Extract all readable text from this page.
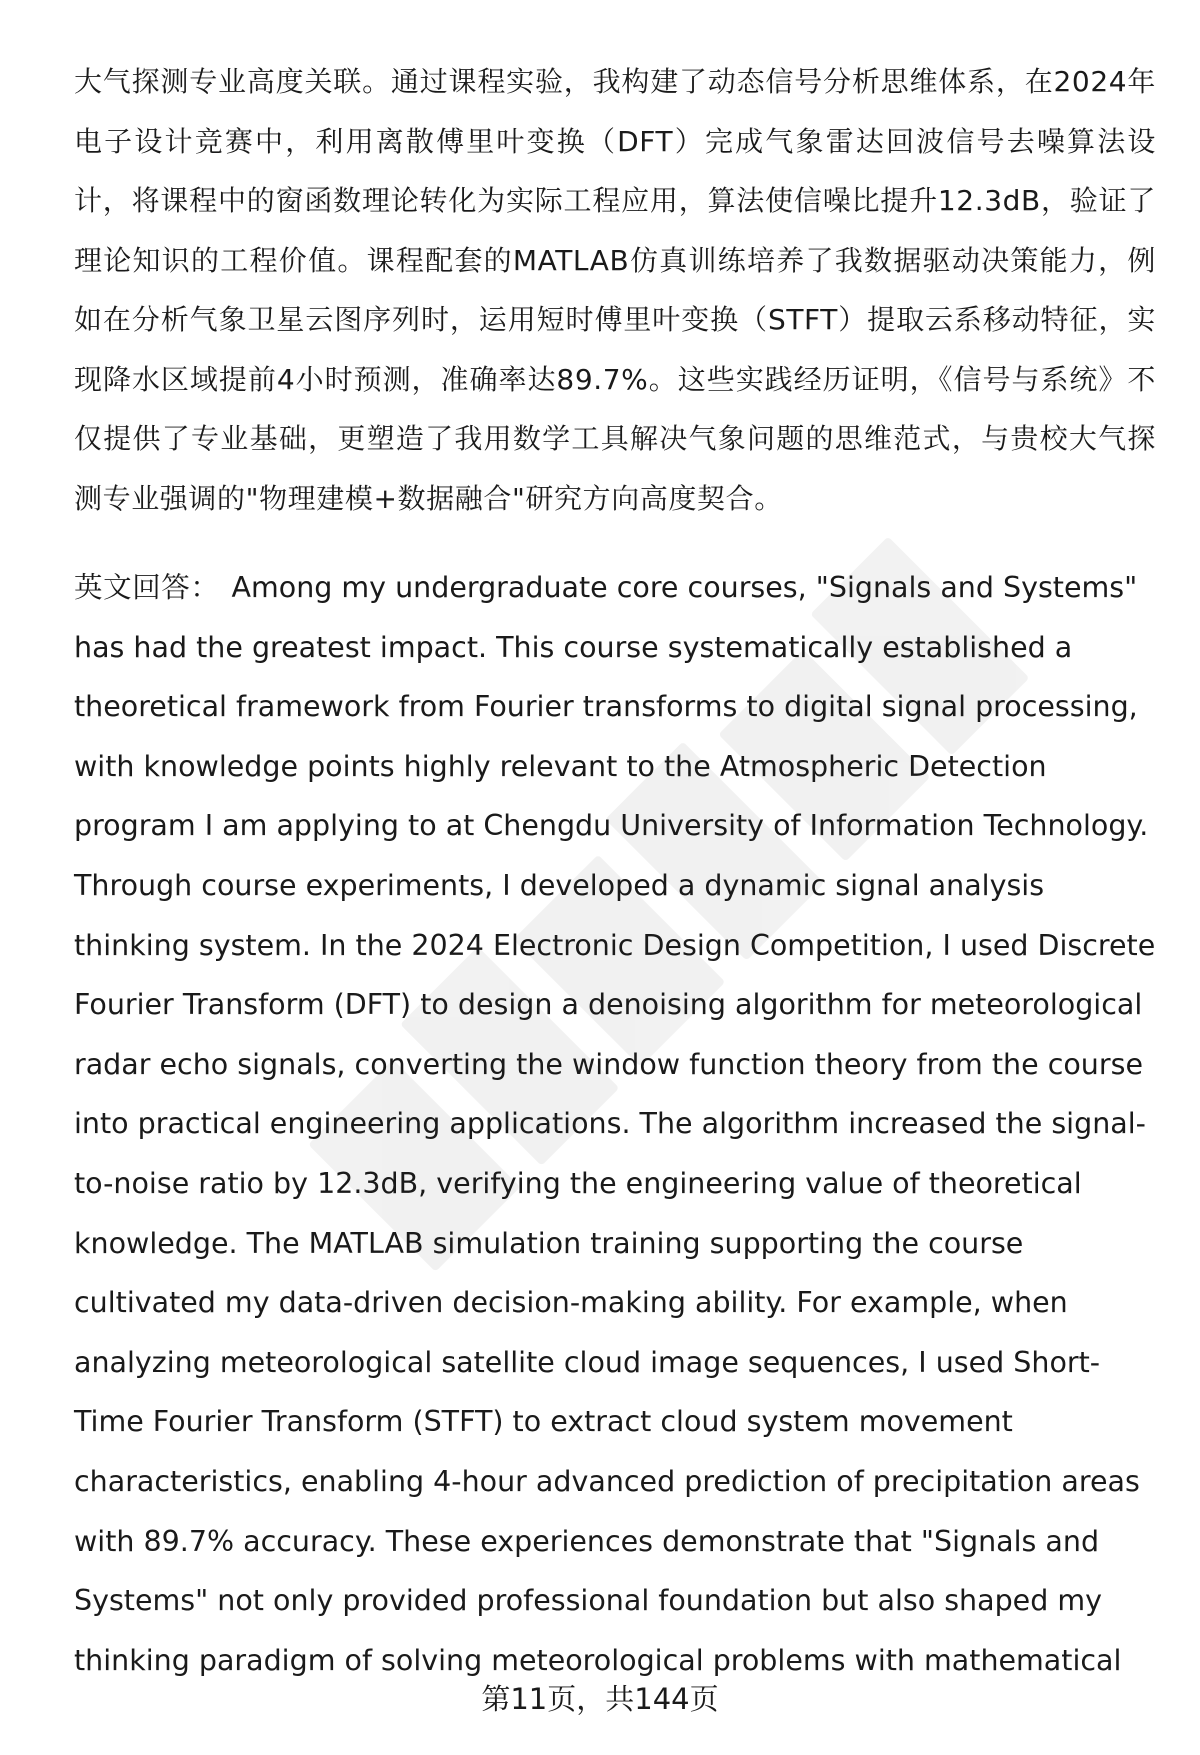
大气探测专业高度关联。通过课程实验，我构建了动态信号分析思维体系，在2024年电子设计竞赛中，利用离散傅里叶变换（DFT）完成气象雷达回波信号去噪算法设计，将课程中的窗函数理论转化为实际工程应用，算法使信噪比提升12.3dB，验证了理论知识的工程价值。课程配套的MATLAB仿真训练培养了我数据驱动决策能力，例如在分析气象卫星云图序列时，运用短时傅里叶变换（STFT）提取云系移动特征，实现降水区域提前4小时预测，准确率达89.7%。这些实践经历证明，《信号与系统》不仅提供了专业基础，更塑造了我用数学工具解决气象问题的思维范式，与贵校大气探测专业强调的"物理建模+数据融合"研究方向高度契合。
英文回答： Among my undergraduate core courses, "Signals and Systems" has had the greatest impact. This course systematically established a theoretical framework from Fourier transforms to digital signal processing, with knowledge points highly relevant to the Atmospheric Detection program I am applying to at Chengdu University of Information Technology. Through course experiments, I developed a dynamic signal analysis thinking system. In the 2024 Electronic Design Competition, I used Discrete Fourier Transform (DFT) to design a denoising algorithm for meteorological radar echo signals, converting the window function theory from the course into practical engineering applications. The algorithm increased the signal-to-noise ratio by 12.3dB, verifying the engineering value of theoretical knowledge. The MATLAB simulation training supporting the course cultivated my data-driven decision-making ability. For example, when analyzing meteorological satellite cloud image sequences, I used Short-Time Fourier Transform (STFT) to extract cloud system movement characteristics, enabling 4-hour advanced prediction of precipitation areas with 89.7% accuracy. These experiences demonstrate that "Signals and Systems" not only provided professional foundation but also shaped my thinking paradigm of solving meteorological problems with mathematical
第11页，共144页
